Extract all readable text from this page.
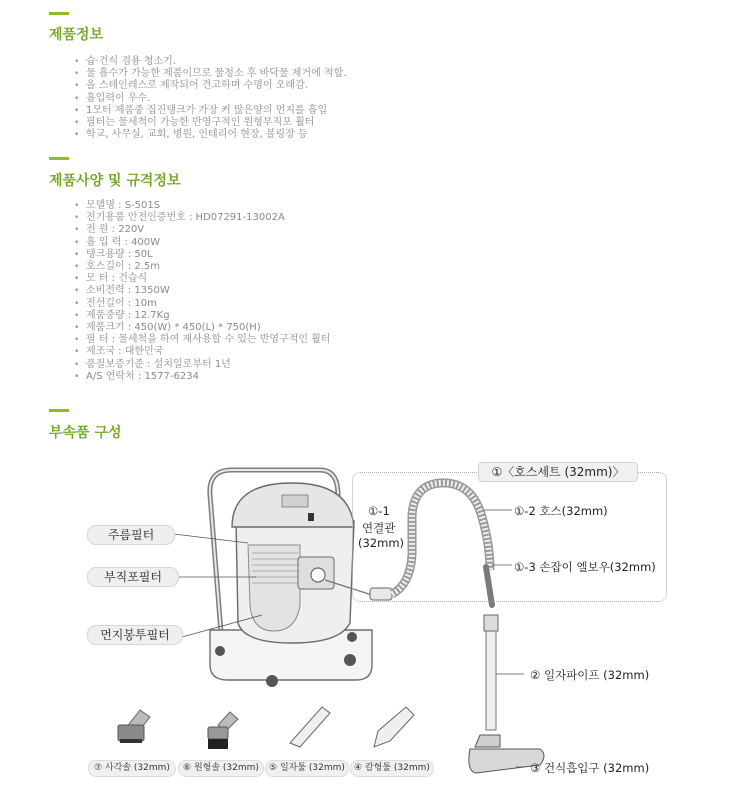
제품정보
• 습·건식 겸용 청소기.
• 물 흡수가 가능한 제품이므로 물청소 후 바닥물 제거에 적합.
• 올 스테인레스로 제작되어 견고하며 수명이 오래감.
• 흡입력이 우수.
• 1모터 제품중 집진탱크가 가장 커 많은양의 먼지를 흡입
• 필터는 물세척이 가능한 반영구적인 원형부직포 훨터
• 학교, 사무실, 교회, 병원, 인테리어 현장, 볼링장 등
제품사양 및 규격정보
• 모델명 : S-501S
• 전기용품 안전인증번호 : HD07291-13002A
• 전 원 : 220V
• 흡 입 력 : 400W
• 탱크용량 : 50L
• 호스길이 : 2.5m
• 모 터 : 건습식
• 소비전력 : 1350W
• 전선길이 : 10m
• 제품중량 : 12.7Kg
• 제품크기 : 450(W) * 450(L) * 750(H)
• 필 터 : 물세척을 하여 재사용할 수 있는 반영구적인 훨터
• 제조국 : 대한민국
• 품질보증기준 : 설치일로부터 1년
• A/S 연락처 : 1577-6234
부속품 구성
주름필터
부직포필터
먼지봉투필터
①〈호스세트 (32mm)〉
①-1
연결관
(32mm)
①-2 호스(32mm)
①-3 손잡이 엘보우(32mm)
② 일자파이프 (32mm)
③ 건식흡입구 (32mm)
⑦ 사각솔 (32mm)	⑥ 원형솔 (32mm)	⑤ 일자툴 (32mm)	④ 칼형툴 (32mm)
